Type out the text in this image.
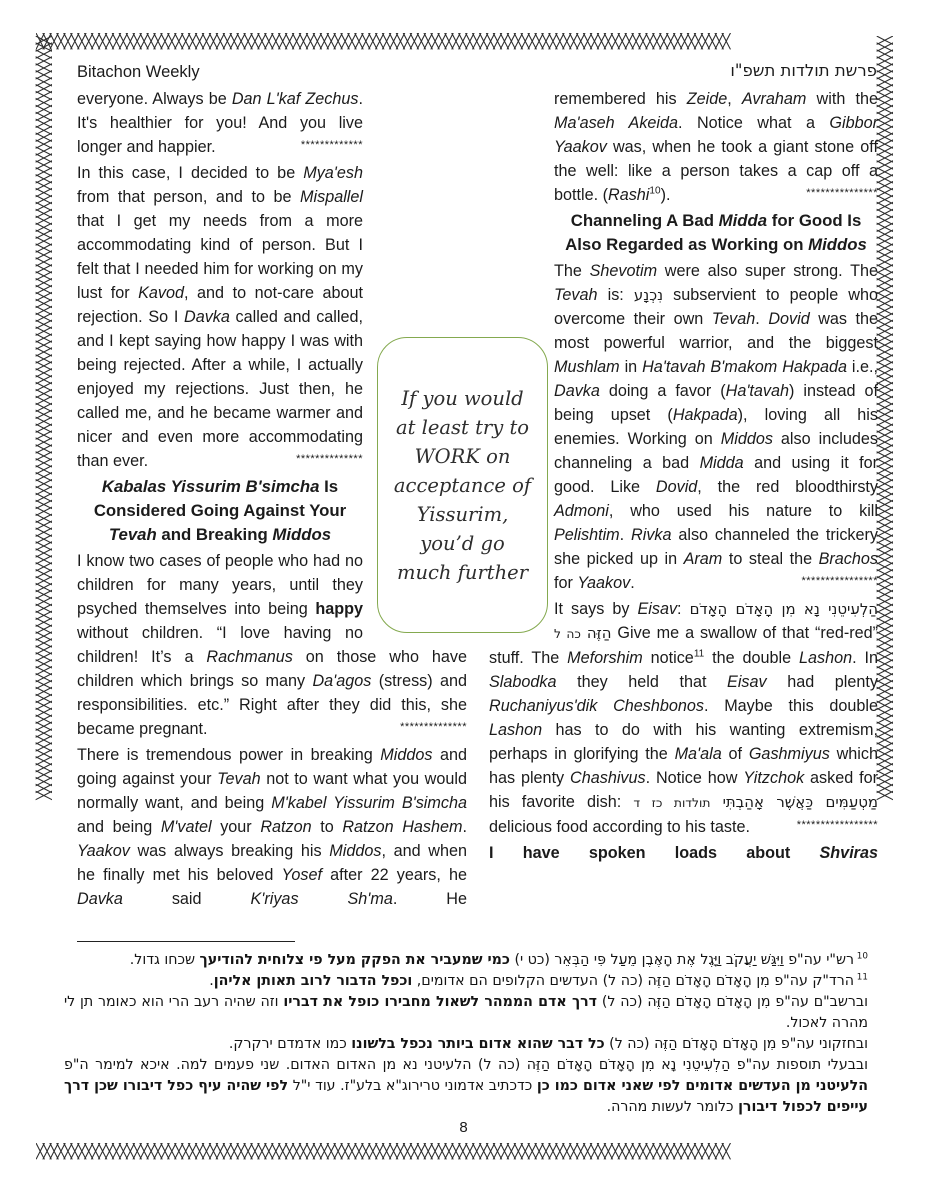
╳╳╳╳╳╳╳╳╳╳╳╳╳╳╳╳╳╳╳╳╳╳╳╳╳╳╳╳╳╳╳╳╳╳╳╳╳╳╳╳╳╳╳╳╳╳╳╳╳╳╳╳╳╳╳╳╳╳╳╳╳╳╳╳╳╳╳╳╳╳╳╳╳╳╳╳╳╳╳╳╳╳╳╳╳╳╳╳╳╳╳╳╳╳╳╳╳╳╳╳
╳╳╳╳╳╳╳╳╳╳╳╳╳╳╳╳╳╳╳╳╳╳╳╳╳╳╳╳╳╳╳╳╳╳╳╳╳╳╳╳╳╳╳╳╳╳╳╳╳╳╳╳╳╳╳╳╳╳╳╳╳╳╳╳╳╳╳╳╳╳╳╳╳╳╳╳╳╳╳╳╳╳╳╳╳╳╳╳╳╳╳╳╳╳╳╳╳╳╳╳
╳╳╳╳╳╳╳╳╳╳╳╳╳╳╳╳╳╳╳╳╳╳╳╳╳╳╳╳╳╳╳╳╳╳╳╳╳╳╳╳╳╳╳╳╳╳╳╳╳╳╳╳╳╳╳╳╳╳╳╳╳╳╳╳╳╳╳╳╳╳╳╳╳╳╳╳╳╳╳╳╳╳╳╳╳╳╳╳╳╳╳╳╳╳╳╳╳╳╳╳╳╳╳╳╳╳╳╳╳╳	╳╳╳╳╳╳╳╳╳╳╳╳╳╳╳╳╳╳╳╳╳╳╳╳╳╳╳╳╳╳╳╳╳╳╳╳╳╳╳╳╳╳╳╳╳╳╳╳╳╳╳╳╳╳╳╳╳╳╳╳╳╳╳╳╳╳╳╳╳╳╳╳╳╳╳╳╳╳╳╳╳╳╳╳╳╳╳╳╳╳╳╳╳╳╳╳╳╳╳╳╳╳╳╳╳╳╳╳╳╳
Bitachon Weekly	פרשת תולדות תשפ"ו
everyone. Always be Dan L'kaf Zechus. It's healthier for you! And you live longer and happier.	*************
In this case, I decided to be Mya'esh from that person, and to be Mispallel that I get my needs from a more accommodating kind of person. But I felt that I needed him for working on my lust for Kavod, and to not-care about rejection. So I Davka called and called, and I kept saying how happy I was with being rejected. After a while, I actually enjoyed my rejections. Just then, he called me, and he became warmer and nicer and even more accommodating than ever.	**************
Kabalas Yissurim B'simcha Is Considered Going Against Your Tevah and Breaking Middos
I know two cases of people who had no children for many years, until they psyched themselves into being happy without children. “I love having no children! It’s a Rachmanus on those who have children which brings so many Da'agos (stress) and responsibilities. etc.” Right after they did this, she became pregnant.	**************
There is tremendous power in breaking Middos and going against your Tevah not to want what you would normally want, and being M'kabel Yissurim B'simcha and being M'vatel your Ratzon to Ratzon Hashem. Yaakov was always breaking his Middos, and when he finally met his beloved Yosef after 22 years, he Davka said K'riyas Sh'ma. He
remembered his Zeide, Avraham with the Ma'aseh Akeida. Notice what a Gibbor Yaakov was, when he took a giant stone off the well: like a person takes a cap off a bottle. (Rashi$^{10}$).	***************
Channeling A Bad Midda for Good Is Also Regarded as Working on Middos
The Shevotim were also super strong. The Tevah is: נִכְנָע subservient to people who overcome their own Tevah. Dovid was the most powerful warrior, and the biggest Mushlam in Ha'tavah B'makom Hakpada i.e., Davka doing a favor (Ha'tavah) instead of being upset (Hakpada), loving all his enemies. Working on Middos also includes channeling a bad Midda and using it for good. Like Dovid, the red bloodthirsty Admoni, who used his nature to kill Pelishtim. Rivka also channeled the trickery she picked up in Aram to steal the Brachos for Yaakov.	****************
It says by Eisav: הַלְעִיטֵנִי נָא מִן הָאָדֹם הָאָדֹם הַזֶּה כה ל Give me a swallow of that “red-red” stuff. The Meforshim notice$^{11}$ the double Lashon. In Slabodka they held that Eisav had plenty Ruchaniyus'dik Cheshbonos. Maybe this double Lashon has to do with his wanting extremism, perhaps in glorifying the Ma'ala of Gashmiyus which has plenty Chashivus. Notice how Yitzchok asked for his favorite dish:	מַטְעַמִּים כַּאֲשֶׁר אָהַבְתִּי תולדות כז ד delicious food according to his taste.	*****************
I have spoken loads about Shviras
If you would at least try to WORK on acceptance of Yissurim, you’d go much further
$^{10}$ רש"י עה"פ וַיִּגַּשׁ יַעֲקֹב וַיָּגֶל אֶת הָאֶבֶן מֵעַל פִּי הַבְּאֵר (כט י) כמי שמעביר את הפקק מעל פי צלוחית להודיעך שכחו גדול.
$^{11}$ הרד"ק עה"פ מִן הָאָדֹם הָאָדֹם הַזֶּה (כה ל) העדשים הקלופים הם אדומים, וכפל הדבור לרוב תאותן אליהן.
וברשב"ם עה"פ מִן הָאָדֹם הָאָדֹם הַזֶּה (כה ל) דרך אדם הממהר לשאול מחבירו כופל את דבריו וזה שהיה רעב הרי הוא כאומר תן לי מהרה לאכול.
ובחזקוני עה"פ מִן הָאָדֹם הָאָדֹם הַזֶּה (כה ל) כל דבר שהוא אדום ביותר נכפל בלשונו כמו אדמדם ירקרק.
ובבעלי תוספות עה"פ הַלְעִיטֵנִי נָא מִן הָאָדֹם הָאָדֹם הַזֶּה (כה ל) הלעיטני נא מן האדום האדום. שני פעמים למה. איכא למימר ה"פ הלעיטני מן העדשים אדומים לפי שאני אדום כמו כן כדכתיב אדמוני טרירוג"א בלע"ז. עוד י"ל לפי שהיה עיף כפל דיבורו שכן דרך עייפים לכפול דיבורן כלומר לעשות מהרה.
8
